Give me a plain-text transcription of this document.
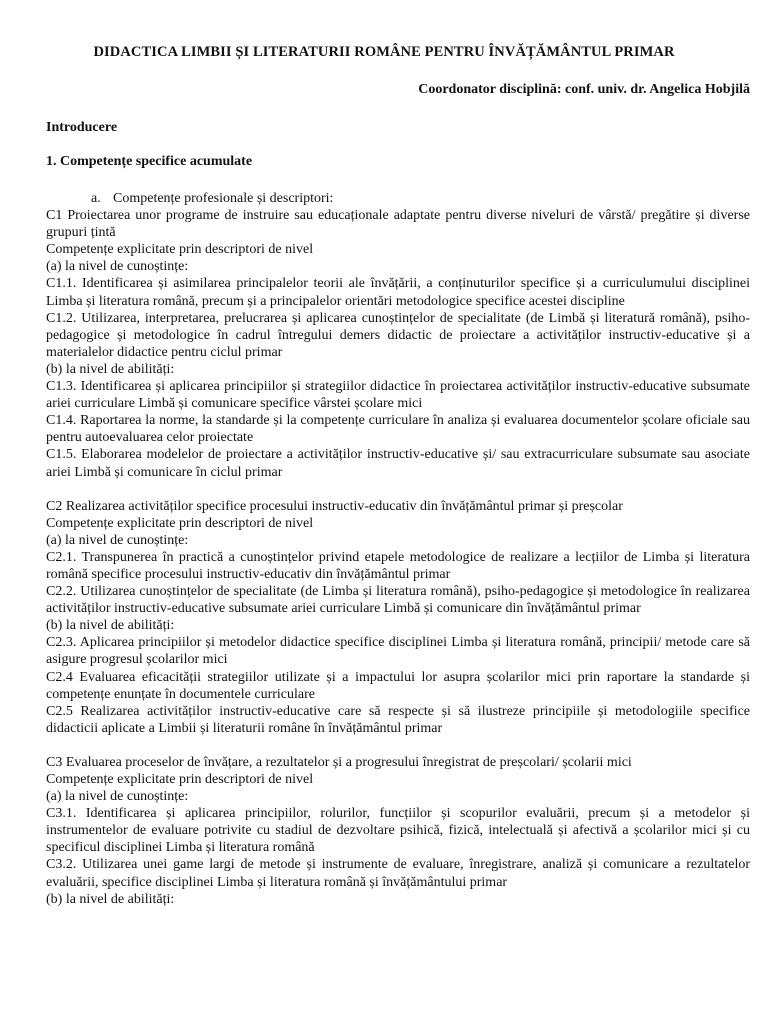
DIDACTICA LIMBII ȘI LITERATURII ROMÂNE PENTRU ÎNVĂȚĂMÂNTUL PRIMAR
Coordonator disciplină: conf. univ. dr. Angelica Hobjilă
Introducere
1. Competențe specifice acumulate
a. Competențe profesionale și descriptori:
C1 Proiectarea unor programe de instruire sau educaționale adaptate pentru diverse niveluri de vârstă/ pregătire și diverse grupuri țintă
Competențe explicitate prin descriptori de nivel
(a) la nivel de cunoștințe:
C1.1. Identificarea și asimilarea principalelor teorii ale învățării, a conținuturilor specifice și a curriculumului disciplinei Limba și literatura română, precum și a principalelor orientări metodologice specifice acestei discipline
C1.2. Utilizarea, interpretarea, prelucrarea și aplicarea cunoștințelor de specialitate (de Limbă și literatură română), psiho-pedagogice și metodologice în cadrul întregului demers didactic de proiectare a activităților instructiv-educative și a materialelor didactice pentru ciclul primar
(b) la nivel de abilități:
C1.3. Identificarea și aplicarea principiilor și strategiilor didactice în proiectarea activităților instructiv-educative subsumate ariei curriculare Limbă și comunicare specifice vârstei școlare mici
C1.4. Raportarea la norme, la standarde și la competențe curriculare în analiza și evaluarea documentelor școlare oficiale sau pentru autoevaluarea celor proiectate
C1.5. Elaborarea modelelor de proiectare a activităților instructiv-educative și/ sau extracurriculare subsumate sau asociate ariei Limbă și comunicare în ciclul primar
C2 Realizarea activităților specifice procesului instructiv-educativ din învățământul primar și preșcolar
Competențe explicitate prin descriptori de nivel
(a) la nivel de cunoștințe:
C2.1. Transpunerea în practică a cunoștințelor privind etapele metodologice de realizare a lecțiilor de Limba și literatura română specifice procesului instructiv-educativ din învățământul primar
C2.2. Utilizarea cunoștințelor de specialitate (de Limba și literatura română), psiho-pedagogice și metodologice în realizarea activităților instructiv-educative subsumate ariei curriculare Limbă și comunicare din învățământul primar
(b) la nivel de abilități:
C2.3. Aplicarea principiilor și metodelor didactice specifice disciplinei Limba și literatura română, principii/ metode care să asigure progresul școlarilor mici
C2.4 Evaluarea eficacității strategiilor utilizate și a impactului lor asupra școlarilor mici prin raportare la standarde și competențe enunțate în documentele curriculare
C2.5 Realizarea activităților instructiv-educative care să respecte și să ilustreze principiile și metodologiile specifice didacticii aplicate a Limbii și literaturii române în învățământul primar
C3 Evaluarea proceselor de învățare, a rezultatelor și a progresului înregistrat de preșcolari/ școlarii mici
Competențe explicitate prin descriptori de nivel
(a) la nivel de cunoștințe:
C3.1. Identificarea și aplicarea principiilor, rolurilor, funcțiilor și scopurilor evaluării, precum și a metodelor și instrumentelor de evaluare potrivite cu stadiul de dezvoltare psihică, fizică, intelectuală și afectivă a școlarilor mici și cu specificul disciplinei Limba și literatura română
C3.2. Utilizarea unei game largi de metode și instrumente de evaluare, înregistrare, analiză și comunicare a rezultatelor evaluării, specifice disciplinei Limba și literatura română și învățământului primar
(b) la nivel de abilități:
